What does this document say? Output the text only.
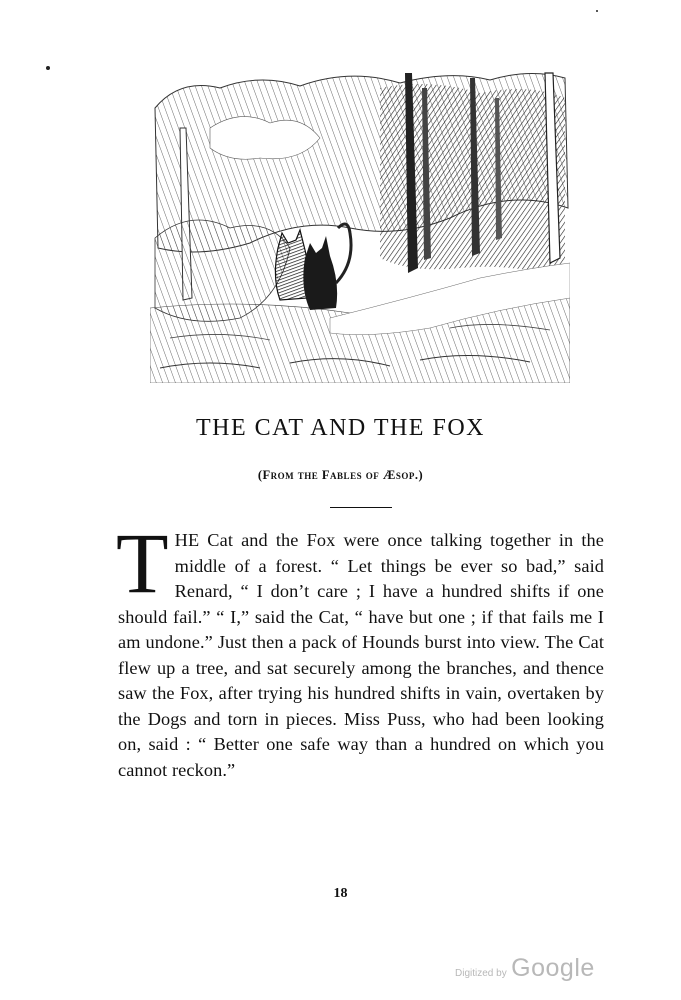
THE CAT AND THE FOX
(From the Fables of Æsop.)
THE Cat and the Fox were once talking together in the middle of a forest. “ Let things be ever so bad,” said Renard, “ I don’t care ; I have a hundred shifts if one should fail.” “ I,” said the Cat, “ have but one ; if that fails me I am undone.” Just then a pack of Hounds burst into view. The Cat flew up a tree, and sat securely among the branches, and thence saw the Fox, after trying his hundred shifts in vain, overtaken by the Dogs and torn in pieces. Miss Puss, who had been looking on, said : “ Better one safe way than a hundred on which you cannot reckon.”
18
Digitized by Google
